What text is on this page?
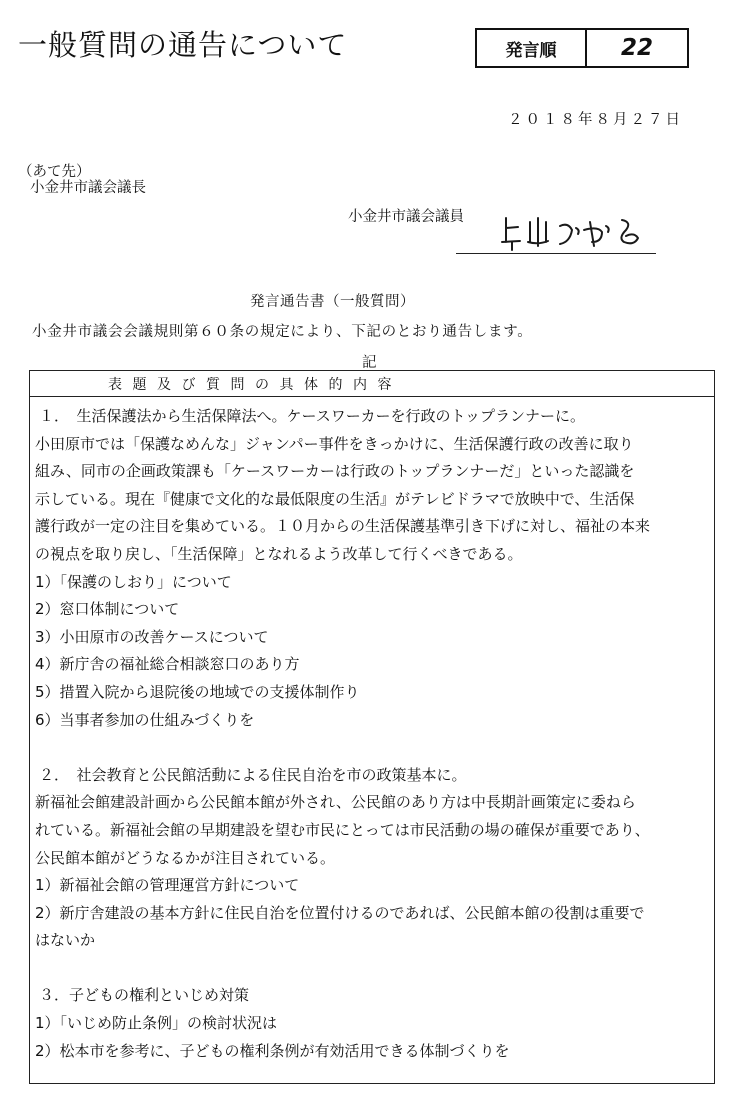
一般質問の通告について	発言順	22
２０１８年８月２７日
（あて先）
小金井市議会議長
小金井市議会議員
発言通告書（一般質問）
小金井市議会会議規則第６０条の規定により、下記のとおり通告します。
記
表題及び質問の具体的内容
１．　生活保護法から生活保障法へ。ケースワーカーを行政のトップランナーに。
小田原市では「保護なめんな」ジャンパー事件をきっかけに、生活保護行政の改善に取り
組み、同市の企画政策課も「ケースワーカーは行政のトップランナーだ」といった認識を
示している。現在『健康で文化的な最低限度の生活』がテレビドラマで放映中で、生活保
護行政が一定の注目を集めている。１０月からの生活保護基準引き下げに対し、福祉の本来
の視点を取り戻し、「生活保障」となれるよう改革して行くべきである。
1）「保護のしおり」について
2）窓口体制について
3）小田原市の改善ケースについて
4）新庁舎の福祉総合相談窓口のあり方
5）措置入院から退院後の地域での支援体制作り
6）当事者参加の仕組みづくりを
２．　社会教育と公民館活動による住民自治を市の政策基本に。
新福祉会館建設計画から公民館本館が外され、公民館のあり方は中長期計画策定に委ねら
れている。新福祉会館の早期建設を望む市民にとっては市民活動の場の確保が重要であり、
公民館本館がどうなるかが注目されている。
1）新福祉会館の管理運営方針について
2）新庁舎建設の基本方針に住民自治を位置付けるのであれば、公民館本館の役割は重要で
はないか
３．子どもの権利といじめ対策
1）「いじめ防止条例」の検討状況は
2）松本市を参考に、子どもの権利条例が有効活用できる体制づくりを
